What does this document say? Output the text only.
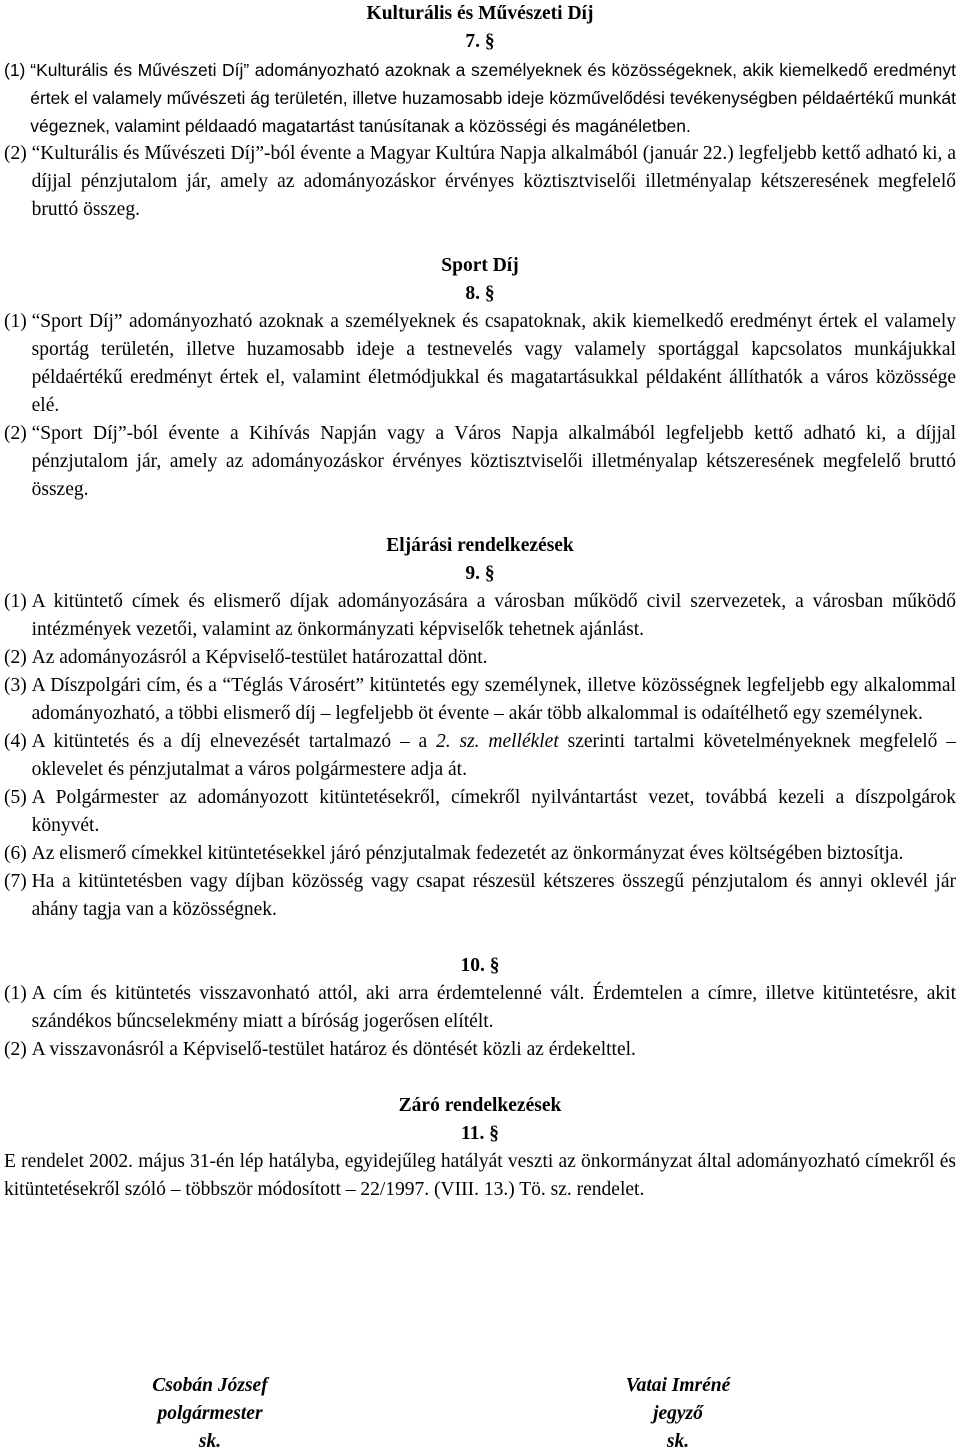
Kulturális és Művészeti Díj
7. §
(1) “Kulturális és Művészeti Díj” adományozható azoknak a személyeknek és közösségeknek, akik kiemelkedő eredményt értek el valamely művészeti ág területén, illetve huzamosabb ideje közművelődési tevékenységben példaértékű munkát végeznek, valamint példaadó magatartást tanúsítanak a közösségi és magánéletben.
(2) “Kulturális és Művészeti Díj”-ból évente a Magyar Kultúra Napja alkalmából (január 22.) legfeljebb kettő adható ki, a díjjal pénzjutalom jár, amely az adományozáskor érvényes köztisztviselői illetményalap kétszeresének megfelelő bruttó összeg.
Sport Díj
8. §
(1) “Sport Díj” adományozható azoknak a személyeknek és csapatoknak, akik kiemelkedő eredményt értek el valamely sportág területén, illetve huzamosabb ideje a testnevelés vagy valamely sportággal kapcsolatos munkájukkal példaértékű eredményt értek el, valamint életmódjukkal és magatartásukkal példaként állíthatók a város közössége elé.
(2) “Sport Díj”-ból évente a Kihívás Napján vagy a Város Napja alkalmából legfeljebb kettő adható ki, a díjjal pénzjutalom jár, amely az adományozáskor érvényes köztisztviselői illetményalap kétszeresének megfelelő bruttó összeg.
Eljárási rendelkezések
9. §
(1) A kitüntető címek és elismerő díjak adományozására a városban működő civil szervezetek, a városban működő intézmények vezetői, valamint az önkormányzati képviselők tehetnek ajánlást.
(2) Az adományozásról a Képviselő-testület határozattal dönt.
(3) A Díszpolgári cím, és a “Téglás Városért” kitüntetés egy személynek, illetve közösségnek legfeljebb egy alkalommal adományozható, a többi elismerő díj – legfeljebb öt évente – akár több alkalommal is odaítélhető egy személynek.
(4) A kitüntetés és a díj elnevezését tartalmazó – a 2. sz. melléklet szerinti tartalmi követelményeknek megfelelő – oklevelet és pénzjutalmat a város polgármestere adja át.
(5) A Polgármester az adományozott kitüntetésekről, címekről nyilvántartást vezet, továbbá kezeli a díszpolgárok könyvét.
(6) Az elismerő címekkel kitüntetésekkel járó pénzjutalmak fedezetét az önkormányzat éves költségében biztosítja.
(7) Ha a kitüntetésben vagy díjban közösség vagy csapat részesül kétszeres összegű pénzjutalom és annyi oklevél jár ahány tagja van a közösségnek.
10. §
(1) A cím és kitüntetés visszavonható attól, aki arra érdemtelenné vált. Érdemtelen a címre, illetve kitüntetésre, akit szándékos bűncselekmény miatt a bíróság jogerősen elítélt.
(2) A visszavonásról a Képviselő-testület határoz és döntését közli az érdekelttel.
Záró rendelkezések
11. §
E rendelet 2002. május 31-én lép hatályba, egyidejűleg hatályát veszti az önkormányzat által adományozható címekről és kitüntetésekről szóló – többször módosított – 22/1997. (VIII. 13.) Tö. sz. rendelet.
Csobán József
polgármester
sk.
Vatai Imréné
jegyző
sk.
